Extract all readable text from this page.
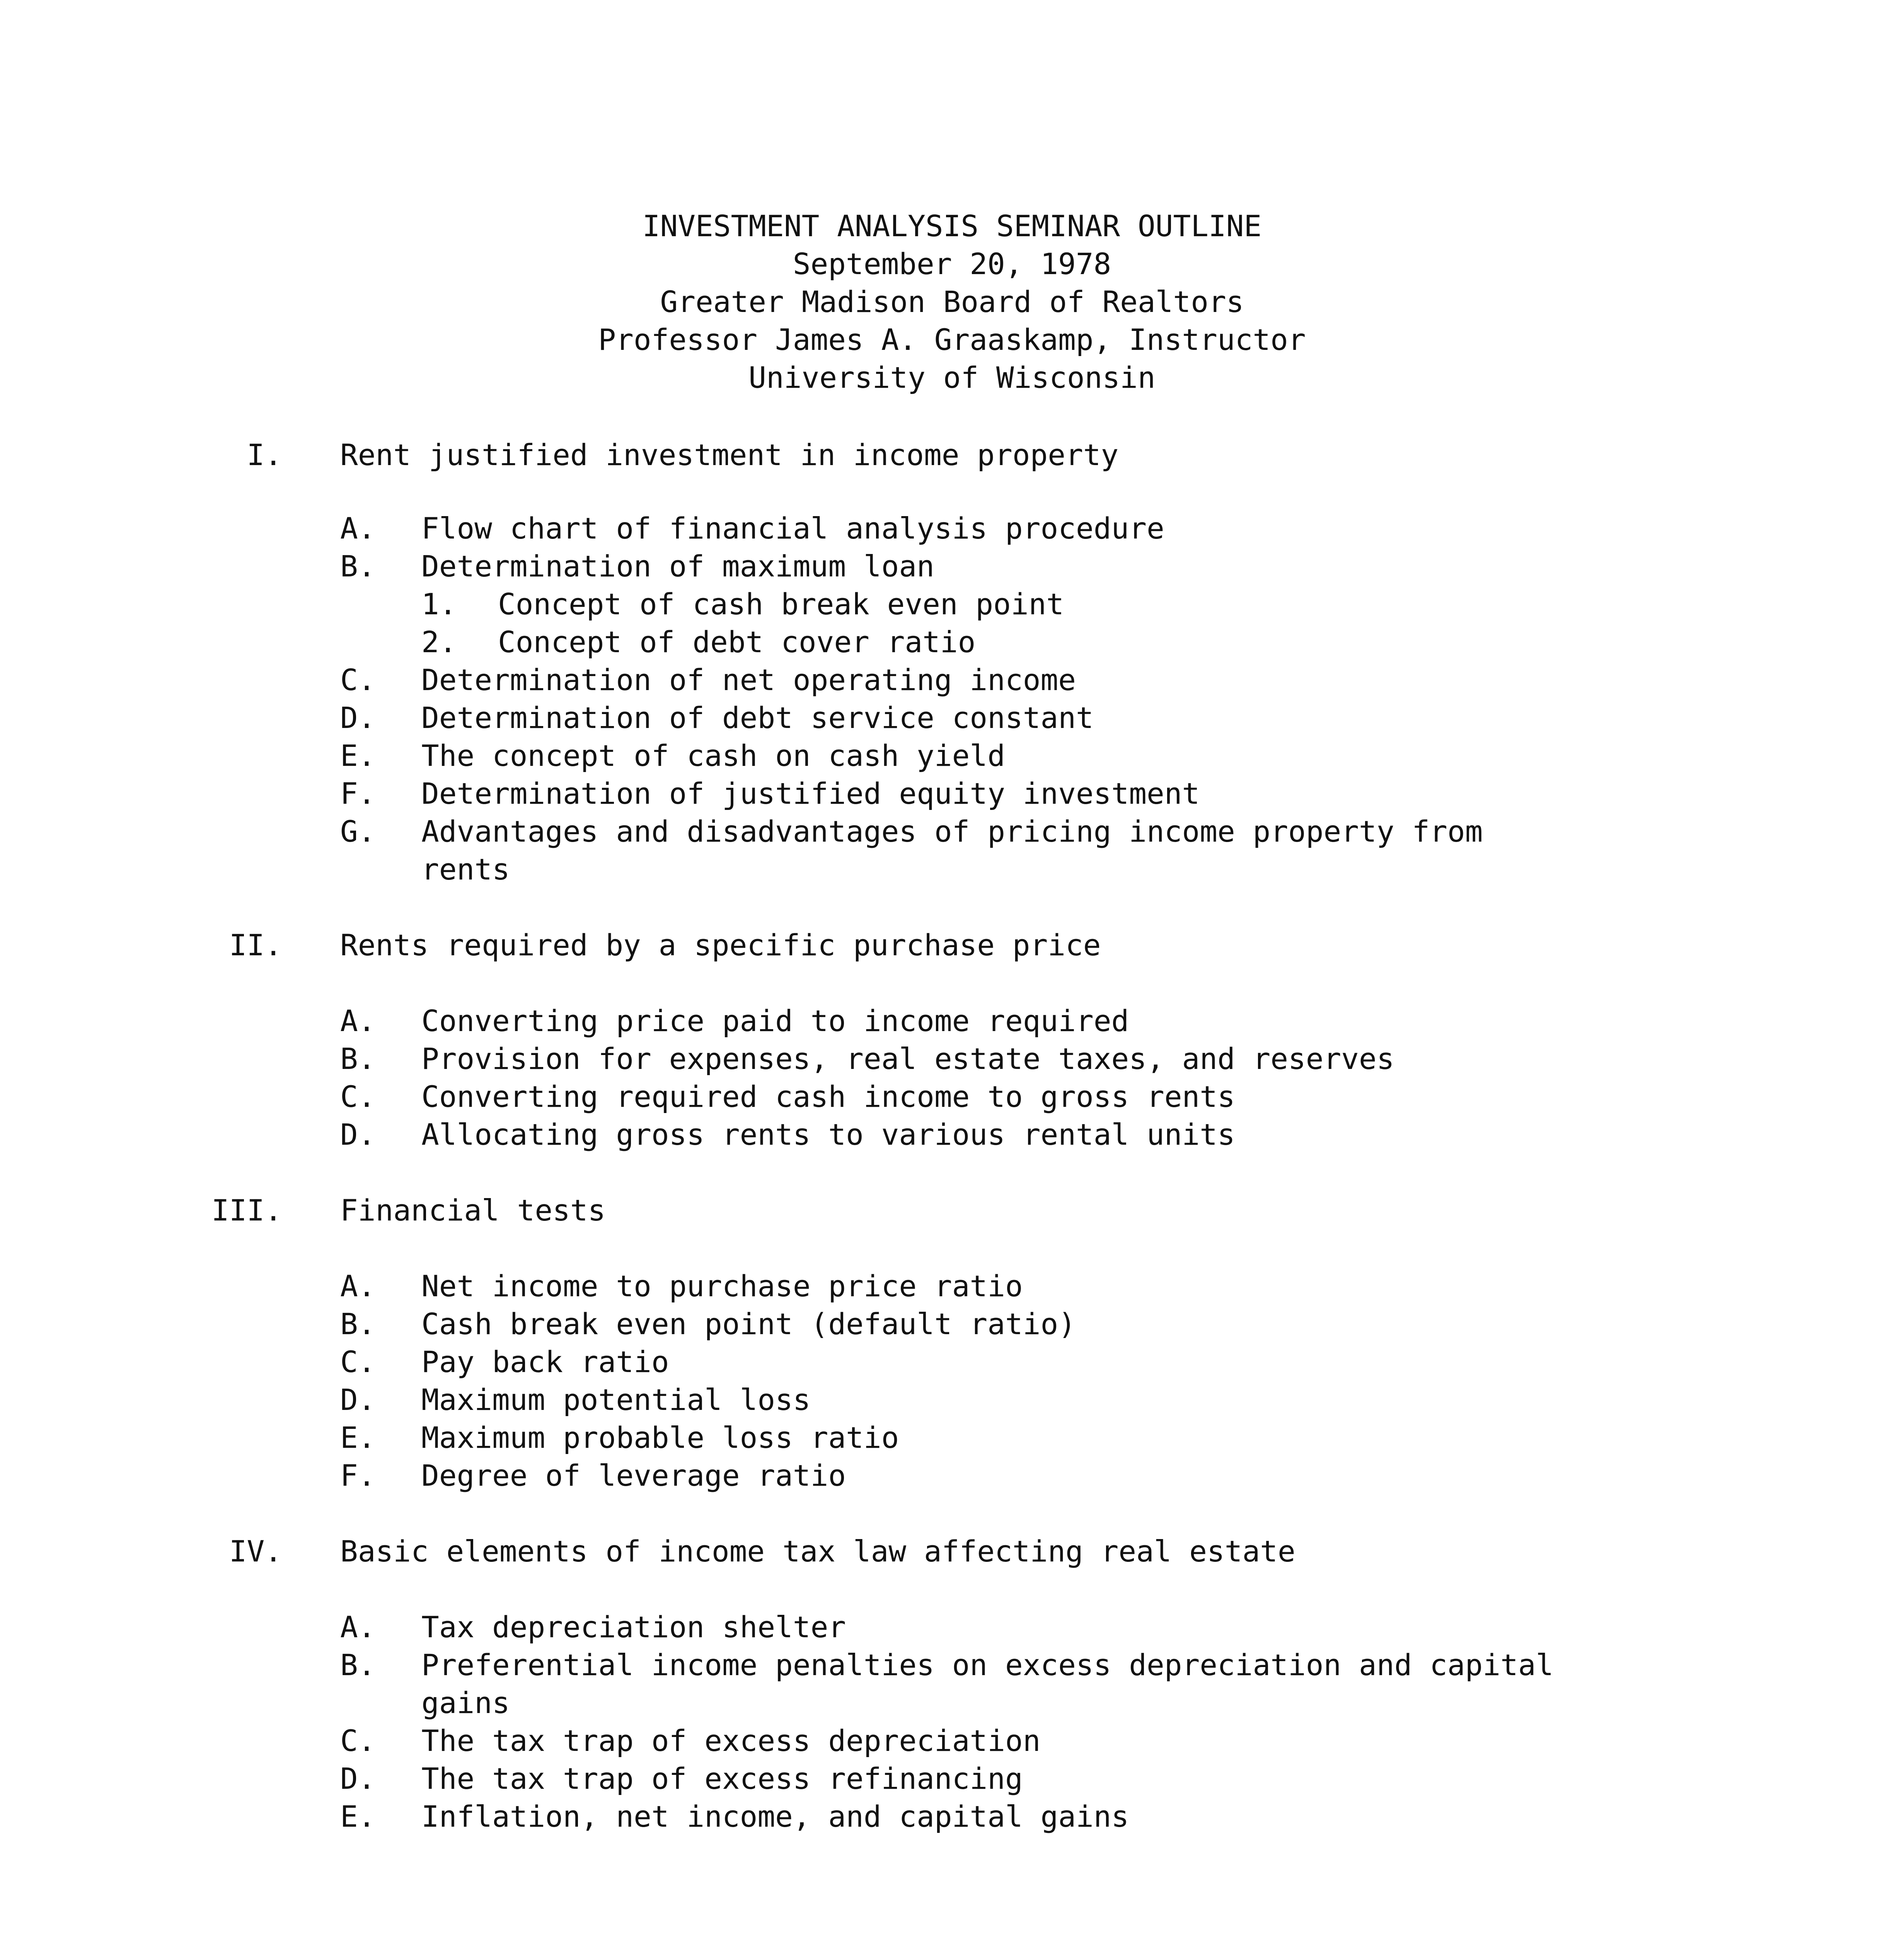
INVESTMENT ANALYSIS SEMINAR OUTLINE
September 20, 1978
Greater Madison Board of Realtors
Professor James A. Graaskamp, Instructor
University of Wisconsin
I. Rent justified investment in income property
A. Flow chart of financial analysis procedure
B. Determination of maximum loan
1. Concept of cash break even point
2. Concept of debt cover ratio
C. Determination of net operating income
D. Determination of debt service constant
E. The concept of cash on cash yield
F. Determination of justified equity investment
G. Advantages and disadvantages of pricing income property from
rents
II. Rents required by a specific purchase price
A. Converting price paid to income required
B. Provision for expenses, real estate taxes, and reserves
C. Converting required cash income to gross rents
D. Allocating gross rents to various rental units
III. Financial tests
A. Net income to purchase price ratio
B. Cash break even point (default ratio)
C. Pay back ratio
D. Maximum potential loss
E. Maximum probable loss ratio
F. Degree of leverage ratio
IV. Basic elements of income tax law affecting real estate
A. Tax depreciation shelter
B. Preferential income penalties on excess depreciation and capital
gains
C. The tax trap of excess depreciation
D. The tax trap of excess refinancing
E. Inflation, net income, and capital gains
